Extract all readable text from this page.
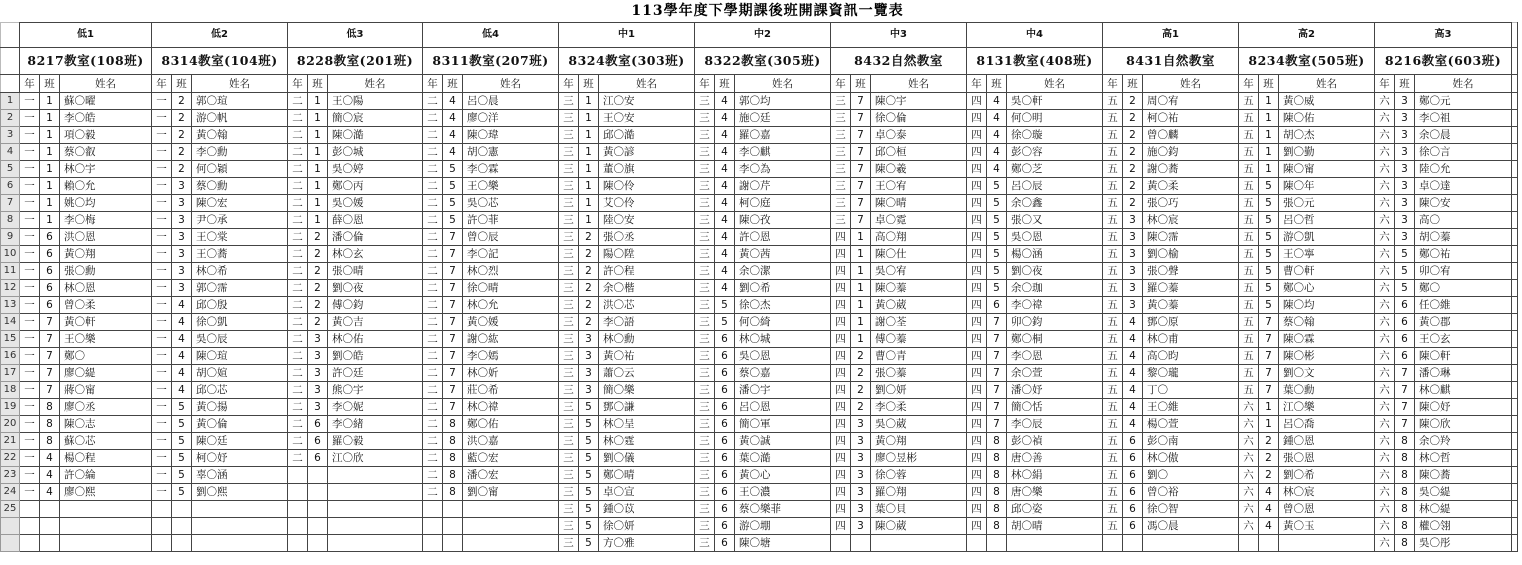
113學年度下學期課後班開課資訊一覽表
	低1			低2			低3			低4			中1			中2			中3			中4			高1			高2			高3			
	8217教室(108班)			8314教室(104班)			8228教室(201班)			8311教室(207班)			8324教室(303班)			8322教室(305班)			8432自然教室			8131教室(408班)			8431自然教室			8234教室(505班)			8216教室(603班)			
	年	班	姓名	年	班	姓名	年	班	姓名	年	班	姓名	年	班	姓名	年	班	姓名	年	班	姓名	年	班	姓名	年	班	姓名	年	班	姓名	年	班	姓名	
1	一	1	蘇〇曜	一	2	郭〇瑄	二	1	王〇陽	二	4	呂〇晨	三	1	江〇安	三	4	郭〇均	三	7	陳〇宇	四	4	吳〇軒	五	2	周〇宥	五	1	黃〇威	六	3	鄭〇元	
2	一	1	李〇皓	一	2	游〇帆	二	1	簡〇宸	二	4	廖〇洋	三	1	王〇安	三	4	施〇廷	三	7	徐〇倫	四	4	何〇明	五	2	柯〇祐	五	1	陳〇佑	六	3	李〇祖	
3	一	1	項〇毅	一	2	黃〇翰	二	1	陳〇澔	二	4	陳〇瑋	三	1	邱〇澔	三	4	羅〇嘉	三	7	卓〇泰	四	4	徐〇璇	五	2	曾〇麟	五	1	胡〇杰	六	3	余〇晨	
4	一	1	蔡〇叡	一	2	李〇勳	二	1	彭〇城	二	4	胡〇憲	三	1	黃〇諺	三	4	李〇麒	三	7	邱〇桓	四	4	彭〇容	五	2	施〇鈞	五	1	劉〇勤	六	3	徐〇言	
5	一	1	林〇宇	一	2	何〇穎	二	1	吳〇婷	二	5	李〇霖	三	1	董〇旗	三	4	李〇為	三	7	陳〇羲	四	4	鄭〇芝	五	2	謝〇蕎	五	1	陳〇甯	六	3	陸〇允	
6	一	1	賴〇允	一	3	蔡〇勳	二	1	鄭〇丙	二	5	王〇樂	三	1	陳〇伶	三	4	謝〇芹	三	7	王〇宥	四	5	呂〇辰	五	2	黃〇柔	五	5	陳〇年	六	3	卓〇達	
7	一	1	姚〇均	一	3	陳〇宏	二	1	吳〇媛	二	5	吳〇芯	三	1	艾〇伶	三	4	柯〇庭	三	7	陳〇晴	四	5	余〇鑫	五	2	張〇巧	五	5	張〇元	六	3	陳〇安	
8	一	1	李〇梅	一	3	尹〇承	二	1	薛〇恩	二	5	許〇菲	三	1	陸〇安	三	4	陳〇孜	三	7	卓〇霓	四	5	張〇又	五	3	林〇宸	五	5	呂〇哲	六	3	高〇	
9	一	6	洪〇恩	一	3	王〇棠	二	2	潘〇倫	二	7	曾〇辰	三	2	張〇丞	三	4	許〇恩	四	1	高〇翔	四	5	吳〇恩	五	3	陳〇霈	五	5	游〇凱	六	3	胡〇蓁	
10	一	6	黃〇翔	一	3	王〇蕎	二	2	林〇玄	二	7	李〇記	三	2	陽〇陞	三	4	黃〇茜	四	1	陳〇仕	四	5	楊〇涵	五	3	劉〇榆	五	5	王〇寧	六	5	鄭〇祐	
11	一	6	張〇勳	一	3	林〇希	二	2	張〇晴	二	7	林〇烈	三	2	許〇程	三	4	余〇潔	四	1	吳〇宥	四	5	劉〇夜	五	3	張〇聲	五	5	曹〇軒	六	5	卯〇宥	
12	一	6	林〇恩	一	3	郭〇霈	二	2	劉〇夜	二	7	徐〇晴	三	2	余〇楷	三	4	劉〇希	四	1	陳〇蓁	四	5	余〇珈	五	3	羅〇蓁	五	5	鄭〇心	六	5	鄭〇	
13	一	6	曾〇柔	一	4	邱〇殷	二	2	傅〇鈞	二	7	林〇允	三	2	洪〇芯	三	5	徐〇杰	四	1	黃〇葳	四	6	李〇禕	五	3	黃〇蓁	五	5	陳〇均	六	6	任〇維	
14	一	7	黃〇軒	一	4	徐〇凱	二	2	黃〇吉	二	7	黃〇媛	三	2	李〇語	三	5	何〇綺	四	1	謝〇荃	四	7	卯〇鈞	五	4	鄧〇原	五	7	蔡〇翰	六	6	黃〇郡	
15	一	7	王〇樂	一	4	吳〇辰	二	3	林〇佑	二	7	謝〇紘	三	3	林〇勳	三	6	林〇城	四	1	傅〇蓁	四	7	鄭〇桐	五	4	林〇甫	五	7	陳〇霖	六	6	王〇玄	
16	一	7	鄭〇	一	4	陳〇瑄	二	3	劉〇皓	二	7	李〇嫣	三	3	黃〇祐	三	6	吳〇恩	四	2	曹〇青	四	7	李〇恩	五	4	高〇昀	五	7	陳〇彬	六	6	陳〇軒	
17	一	7	廖〇緹	一	4	胡〇媗	二	3	許〇廷	二	7	林〇妡	三	3	蕭〇云	三	6	蔡〇嘉	四	2	張〇蓁	四	7	余〇萱	五	4	黎〇瓏	五	7	劉〇文	六	7	潘〇琳	
18	一	7	蔣〇甯	一	4	邱〇芯	二	3	熊〇宇	二	7	莊〇希	三	3	簡〇樂	三	6	潘〇宇	四	2	劉〇妍	四	7	潘〇妤	五	4	丁〇	五	7	葉〇勳	六	7	林〇麒	
19	一	8	廖〇丞	一	5	黃〇揚	二	3	李〇妮	二	7	林〇禕	三	5	鄧〇謙	三	6	呂〇恩	四	2	李〇柔	四	7	簡〇恬	五	4	王〇維	六	1	江〇樂	六	7	陳〇妤	
20	一	8	陳〇志	一	5	黃〇倫	二	6	李〇緒	二	8	鄭〇佑	三	5	林〇呈	三	6	簡〇軍	四	3	吳〇葳	四	7	李〇辰	五	4	楊〇萱	六	1	呂〇喬	六	7	陳〇欣	
21	一	8	蘇〇芯	一	5	陳〇廷	二	6	羅〇毅	二	8	洪〇嘉	三	5	林〇霆	三	6	黃〇誠	四	3	黃〇翔	四	8	彭〇禎	五	6	彭〇南	六	2	鍾〇恩	六	8	余〇羚	
22	一	4	楊〇程	一	5	柯〇妤	二	6	江〇欣	二	8	藍〇宏	三	5	劉〇儀	三	6	葉〇澔	四	3	廖〇昱彬	四	8	唐〇善	五	6	林〇傲	六	2	張〇恩	六	8	林〇哲	
23	一	4	許〇綸	一	5	辜〇涵				二	8	潘〇宏	三	5	鄭〇晴	三	6	黃〇心	四	3	徐〇蓉	四	8	林〇絹	五	6	劉〇	六	2	劉〇希	六	8	陳〇蕎	
24	一	4	廖〇熙	一	5	劉〇熙				二	8	劉〇甯	三	5	卓〇宣	三	6	王〇濃	四	3	羅〇翔	四	8	唐〇樂	五	6	曾〇裕	六	4	林〇宸	六	8	吳〇緹	
25													三	5	鍾〇苡	三	6	蔡〇樂菲	四	3	葉〇貝	四	8	邱〇姿	五	6	徐〇智	六	4	曾〇恩	六	8	林〇緹	
													三	5	徐〇妍	三	6	游〇堋	四	3	陳〇葳	四	8	胡〇晴	五	6	馮〇晨	六	4	黃〇玉	六	8	權〇翎	
													三	5	方〇雅	三	6	陳〇塘													六	8	吳〇彤	
